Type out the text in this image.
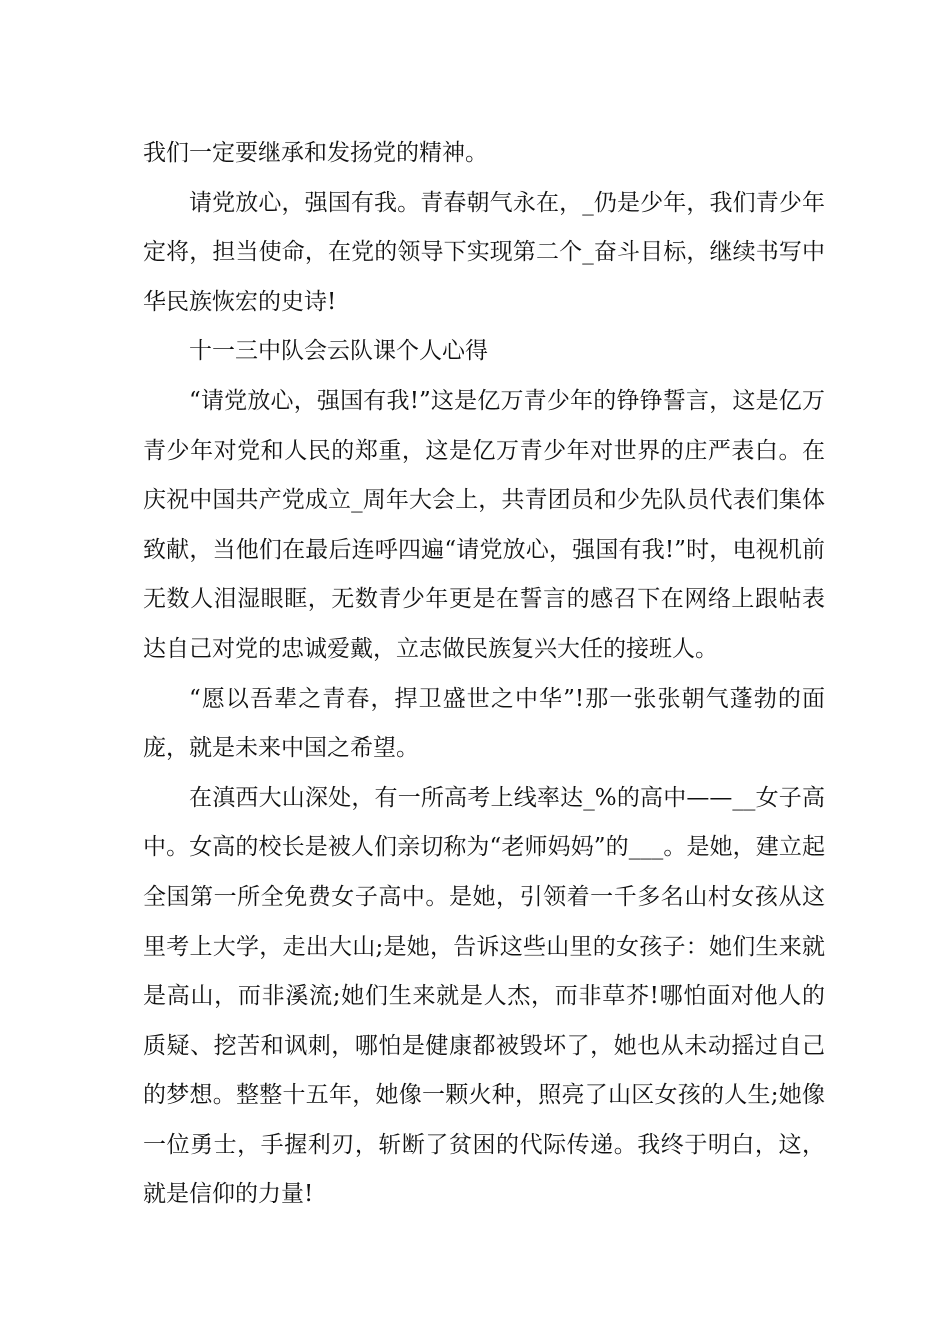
我们一定要继承和发扬党的精神。

请党放心，强国有我。青春朝气永在，_仍是少年，我们青少年定将，担当使命，在党的领导下实现第二个_奋斗目标，继续书写中华民族恢宏的史诗!

十一三中队会云队课个人心得

“请党放心，强国有我!”这是亿万青少年的铮铮誓言，这是亿万青少年对党和人民的郑重，这是亿万青少年对世界的庄严表白。在庆祝中国共产党成立_周年大会上，共青团员和少先队员代表们集体致献，当他们在最后连呼四遍“请党放心，强国有我!”时，电视机前无数人泪湿眼眶，无数青少年更是在誓言的感召下在网络上跟帖表达自己对党的忠诚爱戴，立志做民族复兴大任的接班人。

“愿以吾辈之青春，捍卫盛世之中华”!那一张张朝气蓬勃的面庞，就是未来中国之希望。

在滇西大山深处，有一所高考上线率达_%的高中——__女子高中。女高的校长是被人们亲切称为“老师妈妈”的___。是她，建立起全国第一所全免费女子高中。是她，引领着一千多名山村女孩从这里考上大学，走出大山;是她，告诉这些山里的女孩子：她们生来就是高山，而非溪流;她们生来就是人杰，而非草芥!哪怕面对他人的质疑、挖苦和讽刺，哪怕是健康都被毁坏了，她也从未动摇过自己的梦想。整整十五年，她像一颗火种，照亮了山区女孩的人生;她像一位勇士，手握利刃，斩断了贫困的代际传递。我终于明白，这，就是信仰的力量!
